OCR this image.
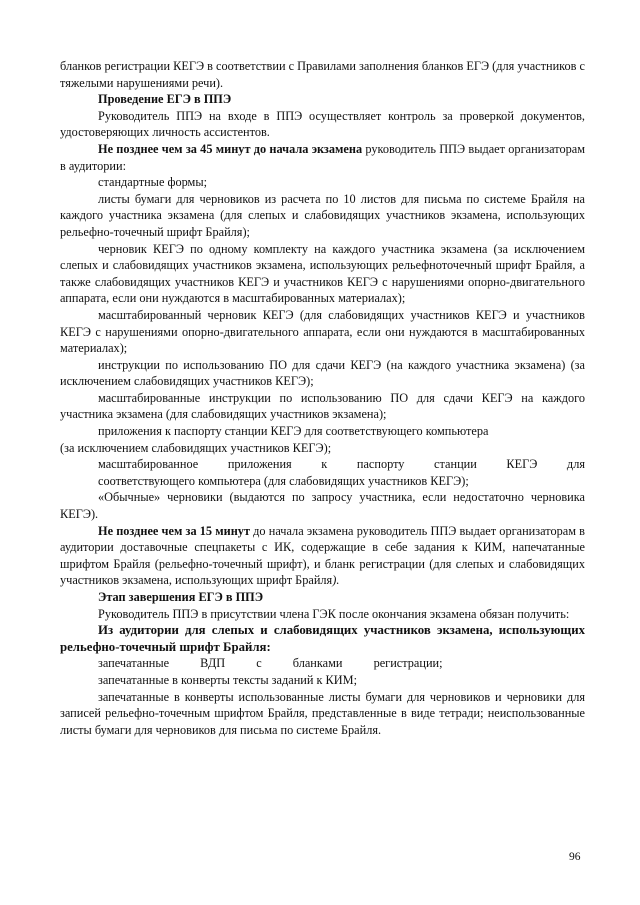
бланков регистрации КЕГЭ в соответствии с Правилами заполнения бланков ЕГЭ (для участников с тяжелыми нарушениями речи).

Проведение ЕГЭ в ППЭ

Руководитель ППЭ на входе в ППЭ осуществляет контроль за проверкой документов, удостоверяющих личность ассистентов.

Не позднее чем за 45 минут до начала экзамена руководитель ППЭ выдает организаторам в аудитории:

стандартные формы;

листы бумаги для черновиков из расчета по 10 листов для письма по системе Брайля на каждого участника экзамена (для слепых и слабовидящих участников экзамена, использующих рельефно-точечный шрифт Брайля);

черновик КЕГЭ по одному комплекту на каждого участника экзамена (за исключением слепых и слабовидящих участников экзамена, использующих рельефноточечный шрифт Брайля, а также слабовидящих участников КЕГЭ и участников КЕГЭ с нарушениями опорно-двигательного аппарата, если они нуждаются в масштабированных материалах);

масштабированный черновик КЕГЭ (для слабовидящих участников КЕГЭ и участников КЕГЭ с нарушениями опорно-двигательного аппарата, если они нуждаются в масштабированных материалах);

инструкции по использованию ПО для сдачи КЕГЭ (на каждого участника экзамена) (за исключением слабовидящих участников КЕГЭ);

масштабированные инструкции по использованию ПО для сдачи КЕГЭ на каждого участника экзамена (для слабовидящих участников экзамена);

приложения к паспорту станции КЕГЭ для соответствующего компьютера

(за исключением слабовидящих участников КЕГЭ);

масштабированное приложения к паспорту станции КЕГЭ для

соответствующего компьютера (для слабовидящих участников КЕГЭ);

«Обычные» черновики (выдаются по запросу участника, если недостаточно черновика КЕГЭ).

Не позднее чем за 15 минут до начала экзамена руководитель ППЭ выдает организаторам в аудитории доставочные спецпакеты с ИК, содержащие в себе задания к КИМ, напечатанные шрифтом Брайля (рельефно-точечный шрифт), и бланк регистрации (для слепых и слабовидящих участников экзамена, использующих шрифт Брайля).

Этап завершения ЕГЭ в ППЭ

Руководитель ППЭ в присутствии члена ГЭК после окончания экзамена обязан получить:

Из аудитории для слепых и слабовидящих участников экзамена, использующих рельефно-точечный шрифт Брайля:

запечатанные ВДП с бланками регистрации;

запечатанные в конверты тексты заданий к КИМ;

запечатанные в конверты использованные листы бумаги для черновиков и черновики для записей рельефно-точечным шрифтом Брайля, представленные в виде тетради; неиспользованные листы бумаги для черновиков для письма по системе Брайля.

96
